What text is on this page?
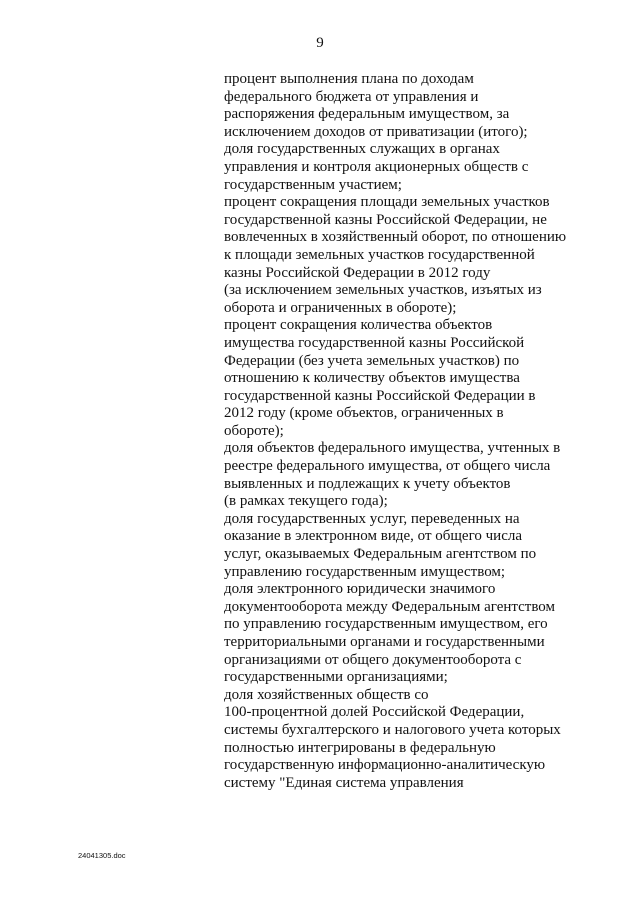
9
процент выполнения плана по доходам
федерального бюджета от управления и
распоряжения федеральным имуществом, за
исключением доходов от приватизации (итого);
доля государственных служащих в органах
управления и контроля акционерных обществ с
государственным участием;
процент сокращения площади земельных участков
государственной казны Российской Федерации, не
вовлеченных в хозяйственный оборот, по отношению
к площади земельных участков государственной
казны Российской Федерации в 2012 году
(за исключением земельных участков, изъятых из
оборота и ограниченных в обороте);
процент сокращения количества объектов
имущества государственной казны Российской
Федерации (без учета земельных участков) по
отношению к количеству объектов имущества
государственной казны Российской Федерации в
2012 году (кроме объектов, ограниченных в
обороте);
доля объектов федерального имущества, учтенных в
реестре федерального имущества, от общего числа
выявленных и подлежащих к учету объектов
(в рамках текущего года);
доля государственных услуг, переведенных на
оказание в электронном виде, от общего числа
услуг, оказываемых Федеральным агентством по
управлению государственным имуществом;
доля электронного юридически значимого
документооборота между Федеральным агентством
по управлению государственным имуществом, его
территориальными органами и государственными
организациями от общего документооборота с
государственными организациями;
доля хозяйственных обществ со
100-процентной долей Российской Федерации,
системы бухгалтерского и налогового учета которых
полностью интегрированы в федеральную
государственную информационно-аналитическую
систему "Единая система управления
24041305.doc
